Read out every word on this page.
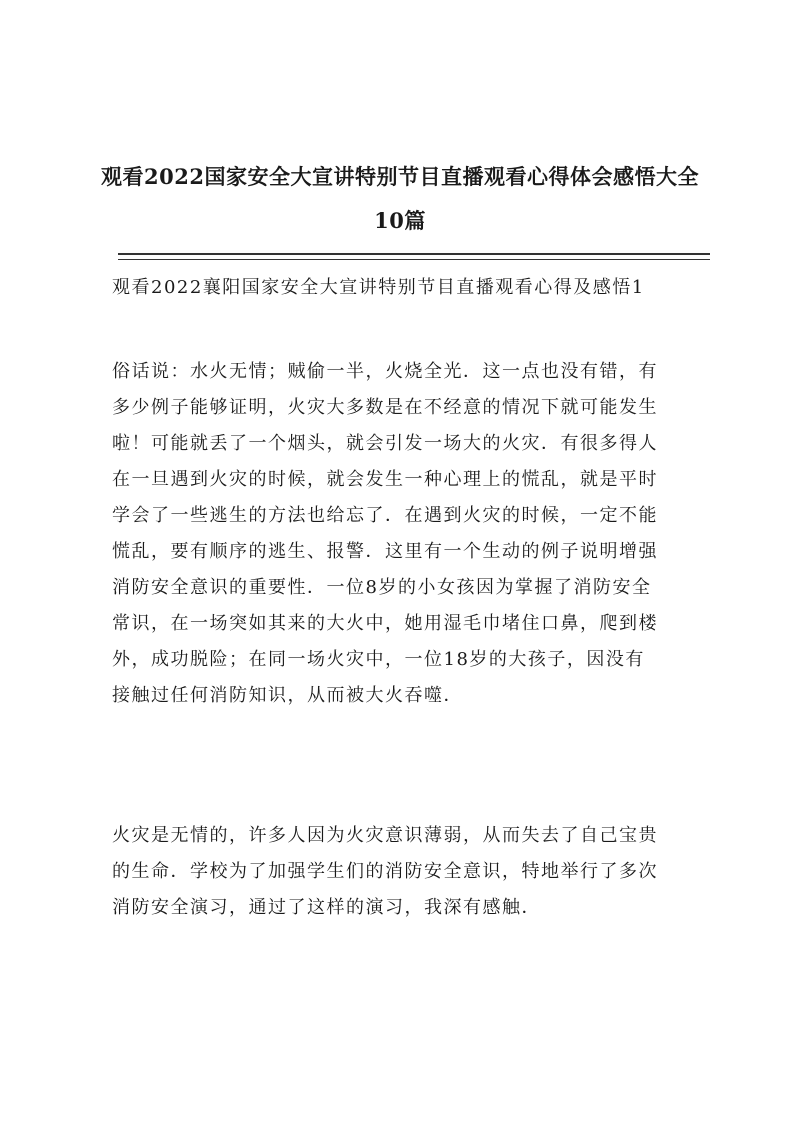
观看2022国家安全大宣讲特别节目直播观看心得体会感悟大全
10篇
观看2022襄阳国家安全大宣讲特别节目直播观看心得及感悟1
俗话说：水火无情；贼偷一半，火烧全光．这一点也没有错，有
多少例子能够证明，火灾大多数是在不经意的情况下就可能发生
啦！可能就丢了一个烟头，就会引发一场大的火灾．有很多得人
在一旦遇到火灾的时候，就会发生一种心理上的慌乱，就是平时
学会了一些逃生的方法也给忘了．在遇到火灾的时候，一定不能
慌乱，要有顺序的逃生、报警．这里有一个生动的例子说明增强
消防安全意识的重要性．一位8岁的小女孩因为掌握了消防安全
常识，在一场突如其来的大火中，她用湿毛巾堵住口鼻，爬到楼
外，成功脱险；在同一场火灾中，一位18岁的大孩子，因没有
接触过任何消防知识，从而被大火吞噬．
火灾是无情的，许多人因为火灾意识薄弱，从而失去了自己宝贵
的生命．学校为了加强学生们的消防安全意识，特地举行了多次
消防安全演习，通过了这样的演习，我深有感触．
